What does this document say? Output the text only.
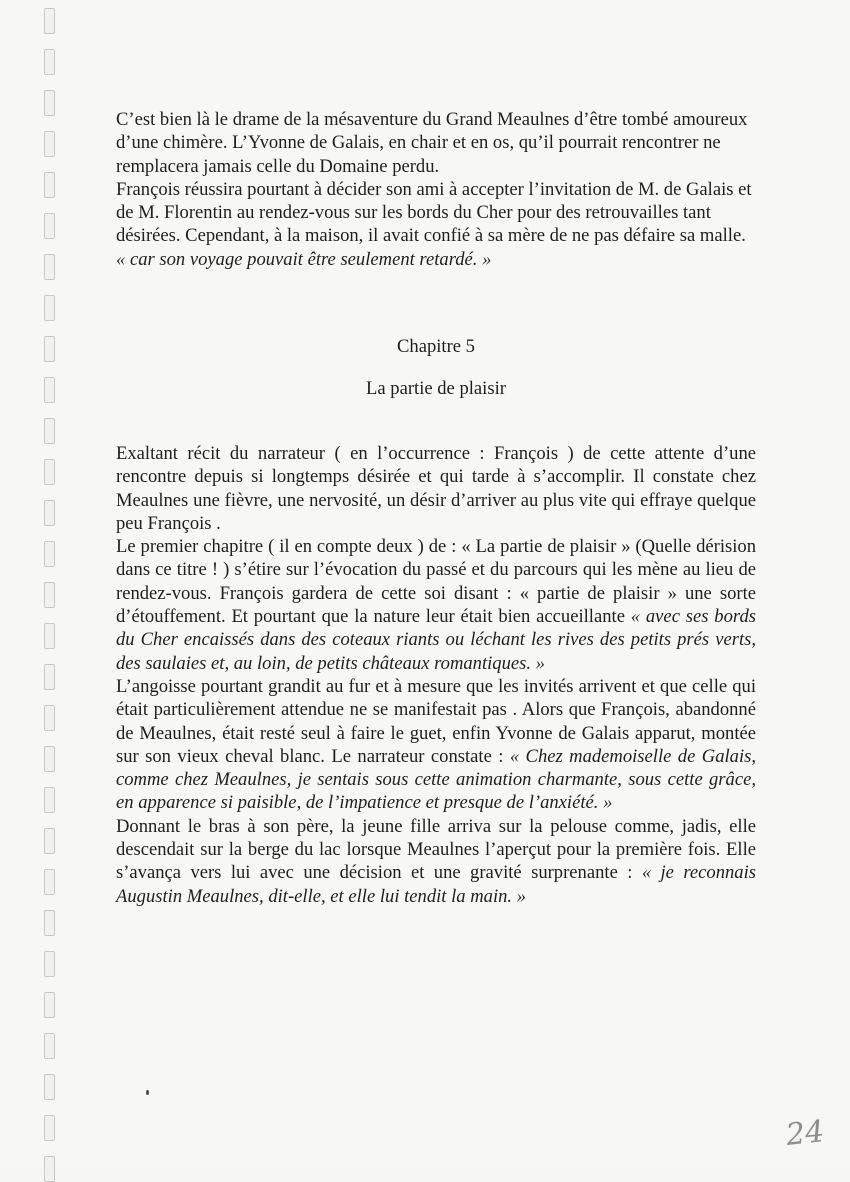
C’est bien là le drame de la mésaventure du Grand Meaulnes d’être tombé amoureux d’une chimère. L’Yvonne de Galais, en chair et en os, qu’il pourrait rencontrer ne remplacera jamais celle du Domaine perdu.

François réussira pourtant à décider son ami à accepter l’invitation de M. de Galais et de M. Florentin au rendez-vous sur les bords du Cher pour des retrouvailles tant désirées. Cependant, à la maison, il avait confié à sa mère de ne pas défaire sa malle. « car son voyage pouvait être seulement retardé. »

Chapitre 5
La partie de plaisir

Exaltant récit du narrateur ( en l’occurrence : François ) de cette attente d’une rencontre depuis si longtemps désirée et qui tarde à s’accomplir. Il constate chez Meaulnes une fièvre, une nervosité, un désir d’arriver au plus vite qui effraye quelque peu François .

Le premier chapitre ( il en compte deux ) de : « La partie de plaisir » (Quelle dérision dans ce titre ! ) s’étire sur l’évocation du passé et du parcours qui les mène au lieu de rendez-vous. François gardera de cette soi disant : « partie de plaisir » une sorte d’étouffement. Et pourtant que la nature leur était bien accueillante « avec ses bords du Cher encaissés dans des coteaux riants ou léchant les rives des petits prés verts, des saulaies et, au loin, de petits châteaux romantiques. »

L’angoisse pourtant grandit au fur et à mesure que les invités arrivent et que celle qui était particulièrement attendue ne se manifestait pas . Alors que François, abandonné de Meaulnes, était resté seul à faire le guet, enfin Yvonne de Galais apparut, montée sur son vieux cheval blanc. Le narrateur constate : « Chez mademoiselle de Galais, comme chez Meaulnes, je sentais sous cette animation charmante, sous cette grâce, en apparence si paisible, de l’impatience et presque de l’anxiété. »

Donnant le bras à son père, la jeune fille arriva sur la pelouse comme, jadis, elle descendait sur la berge du lac lorsque Meaulnes l’aperçut pour la première fois. Elle s’avança vers lui avec une décision et une gravité surprenante : « je reconnais Augustin Meaulnes, dit-elle, et elle lui tendit la main. »

24
